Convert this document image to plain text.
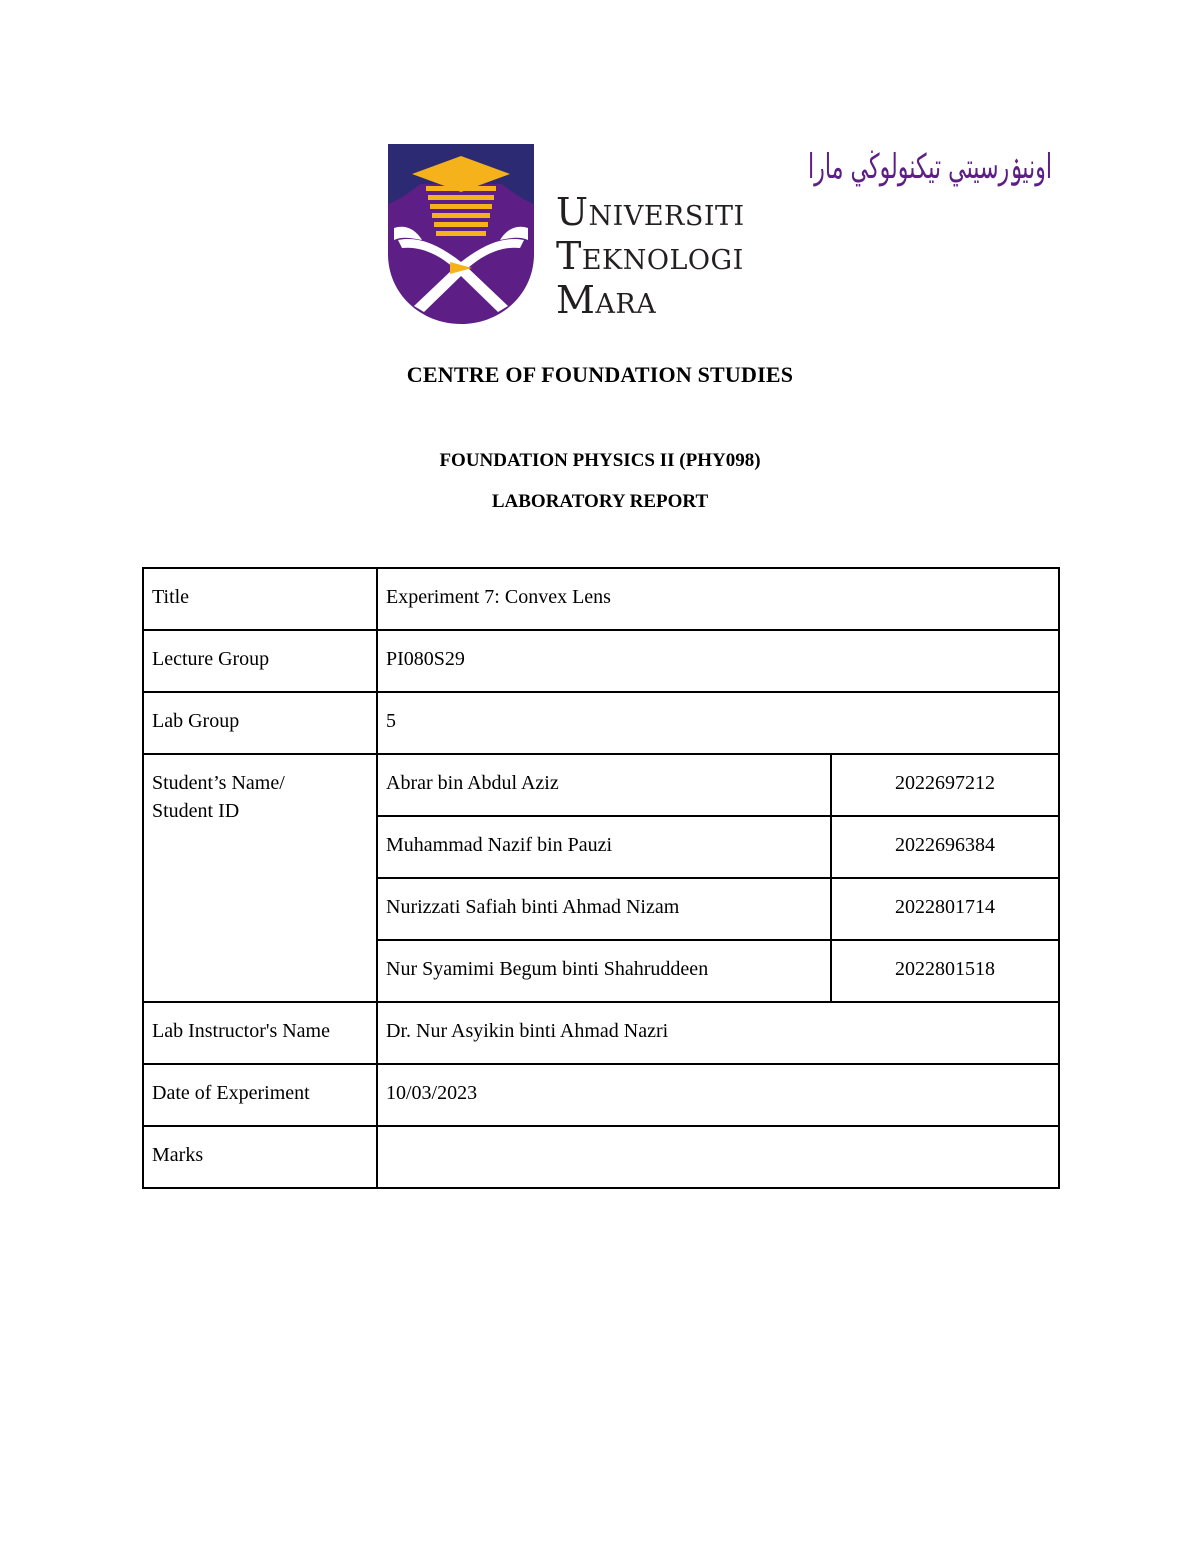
اونيۏرسيتي تيكنولوڬي مارا
Universiti
Teknologi
Mara
CENTRE OF FOUNDATION STUDIES
FOUNDATION PHYSICS II (PHY098)
LABORATORY REPORT
Title	Experiment 7: Convex Lens	
Lecture Group	PI080S29	
Lab Group	5	
Student’s Name/ Student ID	Abrar bin Abdul Aziz	2022697212
	Muhammad Nazif bin Pauzi	2022696384
	Nurizzati Safiah binti Ahmad Nizam	2022801714
	Nur Syamimi Begum binti Shahruddeen	2022801518
Lab Instructor's Name	Dr. Nur Asyikin binti Ahmad Nazri	
Date of Experiment	10/03/2023	
Marks		
